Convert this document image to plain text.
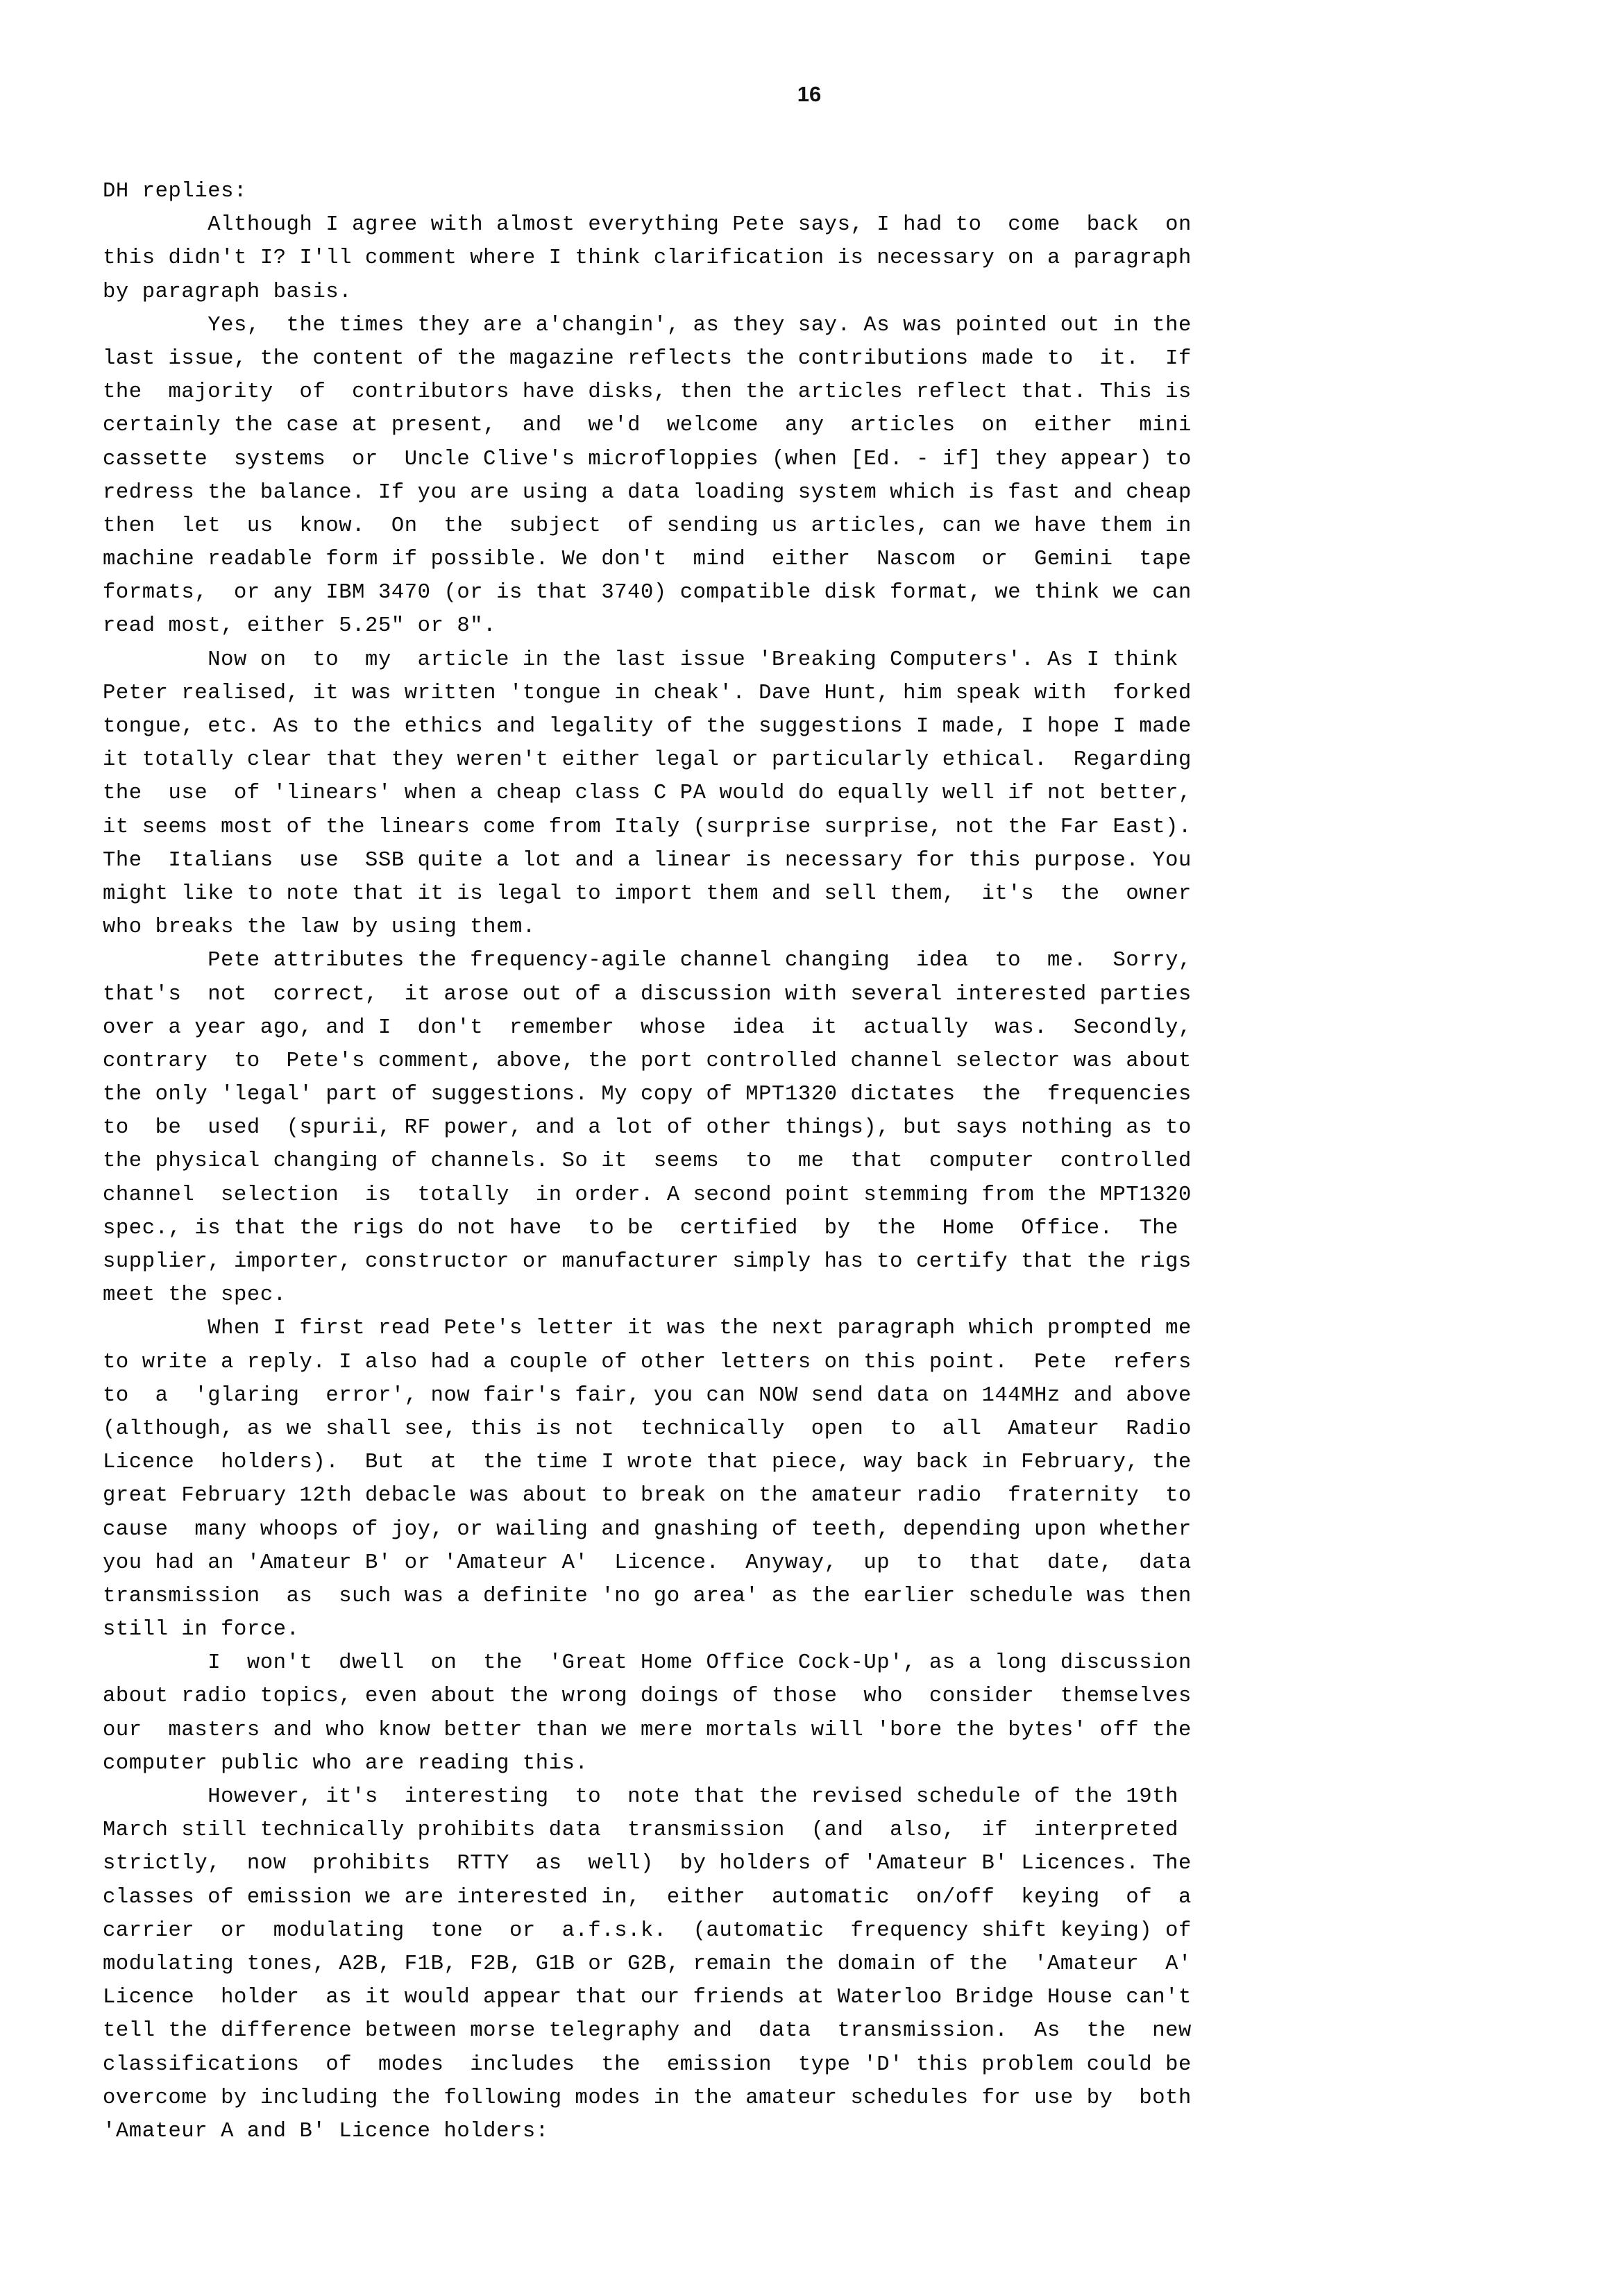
16
DH replies:
Although I agree with almost everything Pete says, I had to  come  back  on
this didn't I? I'll comment where I think clarification is necessary on a paragraph
by paragraph basis.
Yes,  the times they are a'changin', as they say. As was pointed out in the
last issue, the content of the magazine reflects the contributions made to  it.  If
the  majority  of  contributors have disks, then the articles reflect that. This is
certainly the case at present,  and  we'd  welcome  any  articles  on  either  mini
cassette  systems  or  Uncle Clive's microfloppies (when [Ed. - if] they appear) to
redress the balance. If you are using a data loading system which is fast and cheap
then  let  us  know.  On  the  subject  of sending us articles, can we have them in
machine readable form if possible. We don't  mind  either  Nascom  or  Gemini  tape
formats,  or any IBM 3470 (or is that 3740) compatible disk format, we think we can
read most, either 5.25" or 8".
Now on  to  my  article in the last issue 'Breaking Computers'. As I think
Peter realised, it was written 'tongue in cheak'. Dave Hunt, him speak with  forked
tongue, etc. As to the ethics and legality of the suggestions I made, I hope I made
it totally clear that they weren't either legal or particularly ethical.  Regarding
the  use  of 'linears' when a cheap class C PA would do equally well if not better,
it seems most of the linears come from Italy (surprise surprise, not the Far East).
The  Italians  use  SSB quite a lot and a linear is necessary for this purpose. You
might like to note that it is legal to import them and sell them,  it's  the  owner
who breaks the law by using them.
Pete attributes the frequency-agile channel changing  idea  to  me.  Sorry,
that's  not  correct,  it arose out of a discussion with several interested parties
over a year ago, and I  don't  remember  whose  idea  it  actually  was.  Secondly,
contrary  to  Pete's comment, above, the port controlled channel selector was about
the only 'legal' part of suggestions. My copy of MPT1320 dictates  the  frequencies
to  be  used  (spurii, RF power, and a lot of other things), but says nothing as to
the physical changing of channels. So it  seems  to  me  that  computer  controlled
channel  selection  is  totally  in order. A second point stemming from the MPT1320
spec., is that the rigs do not have  to be  certified  by  the  Home  Office.  The
supplier, importer, constructor or manufacturer simply has to certify that the rigs
meet the spec.
When I first read Pete's letter it was the next paragraph which prompted me
to write a reply. I also had a couple of other letters on this point.  Pete  refers
to  a  'glaring  error', now fair's fair, you can NOW send data on 144MHz and above
(although, as we shall see, this is not  technically  open  to  all  Amateur  Radio
Licence  holders).  But  at  the time I wrote that piece, way back in February, the
great February 12th debacle was about to break on the amateur radio  fraternity  to
cause  many whoops of joy, or wailing and gnashing of teeth, depending upon whether
you had an 'Amateur B' or 'Amateur A'  Licence.  Anyway,  up  to  that  date,  data
transmission  as  such was a definite 'no go area' as the earlier schedule was then
still in force.
I  won't  dwell  on  the  'Great Home Office Cock-Up', as a long discussion
about radio topics, even about the wrong doings of those  who  consider  themselves
our  masters and who know better than we mere mortals will 'bore the bytes' off the
computer public who are reading this.
However, it's  interesting  to  note that the revised schedule of the 19th
March still technically prohibits data  transmission  (and  also,  if  interpreted
strictly,  now  prohibits  RTTY  as  well)  by holders of 'Amateur B' Licences. The
classes of emission we are interested in,  either  automatic  on/off  keying  of  a
carrier  or  modulating  tone  or  a.f.s.k.  (automatic  frequency shift keying) of
modulating tones, A2B, F1B, F2B, G1B or G2B, remain the domain of the  'Amateur  A'
Licence  holder  as it would appear that our friends at Waterloo Bridge House can't
tell the difference between morse telegraphy and  data  transmission.  As  the  new
classifications  of  modes  includes  the  emission  type 'D' this problem could be
overcome by including the following modes in the amateur schedules for use by  both
'Amateur A and B' Licence holders:
